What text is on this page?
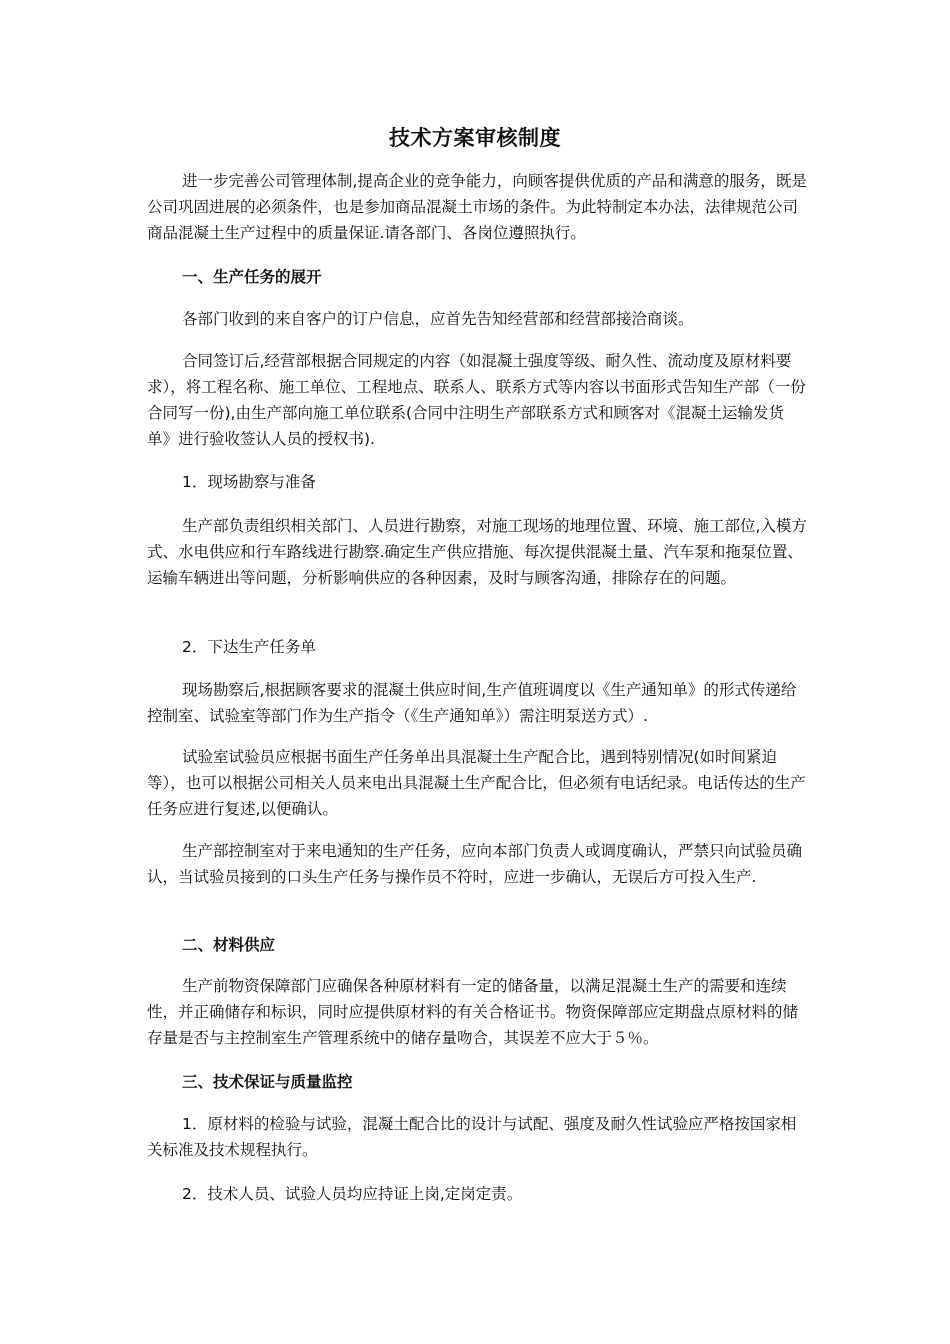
技术方案审核制度

进一步完善公司管理体制,提高企业的竞争能力，向顾客提供优质的产品和满意的服务，既是公司巩固进展的必须条件，也是参加商品混凝土市场的条件。为此特制定本办法，法律规范公司商品混凝土生产过程中的质量保证.请各部门、各岗位遵照执行。

一、生产任务的展开

各部门收到的来自客户的订户信息，应首先告知经营部和经营部接洽商谈。

合同签订后,经营部根据合同规定的内容（如混凝土强度等级、耐久性、流动度及原材料要求），将工程名称、施工单位、工程地点、联系人、联系方式等内容以书面形式告知生产部（一份合同写一份),由生产部向施工单位联系(合同中注明生产部联系方式和顾客对《混凝土运输发货单》进行验收签认人员的授权书).

1．现场勘察与准备

生产部负责组织相关部门、人员进行勘察，对施工现场的地理位置、环境、施工部位,入模方式、水电供应和行车路线进行勘察.确定生产供应措施、每次提供混凝土量、汽车泵和拖泵位置、运输车辆进出等问题，分析影响供应的各种因素，及时与顾客沟通，排除存在的问题。

2．下达生产任务单

现场勘察后,根据顾客要求的混凝土供应时间,生产值班调度以《生产通知单》的形式传递给控制室、试验室等部门作为生产指令（《生产通知单》）需注明泵送方式）.

试验室试验员应根据书面生产任务单出具混凝土生产配合比，遇到特别情况(如时间紧迫等），也可以根据公司相关人员来电出具混凝土生产配合比，但必须有电话纪录。电话传达的生产任务应进行复述,以便确认。

生产部控制室对于来电通知的生产任务，应向本部门负责人或调度确认，严禁只向试验员确认，当试验员接到的口头生产任务与操作员不符时，应进一步确认，无误后方可投入生产.

二、材料供应

生产前物资保障部门应确保各种原材料有一定的储备量，以满足混凝土生产的需要和连续性，并正确储存和标识，同时应提供原材料的有关合格证书。物资保障部应定期盘点原材料的储存量是否与主控制室生产管理系统中的储存量吻合，其误差不应大于５％。

三、技术保证与质量监控

1．原材料的检验与试验，混凝土配合比的设计与试配、强度及耐久性试验应严格按国家相关标准及技术规程执行。

2．技术人员、试验人员均应持证上岗,定岗定责。
